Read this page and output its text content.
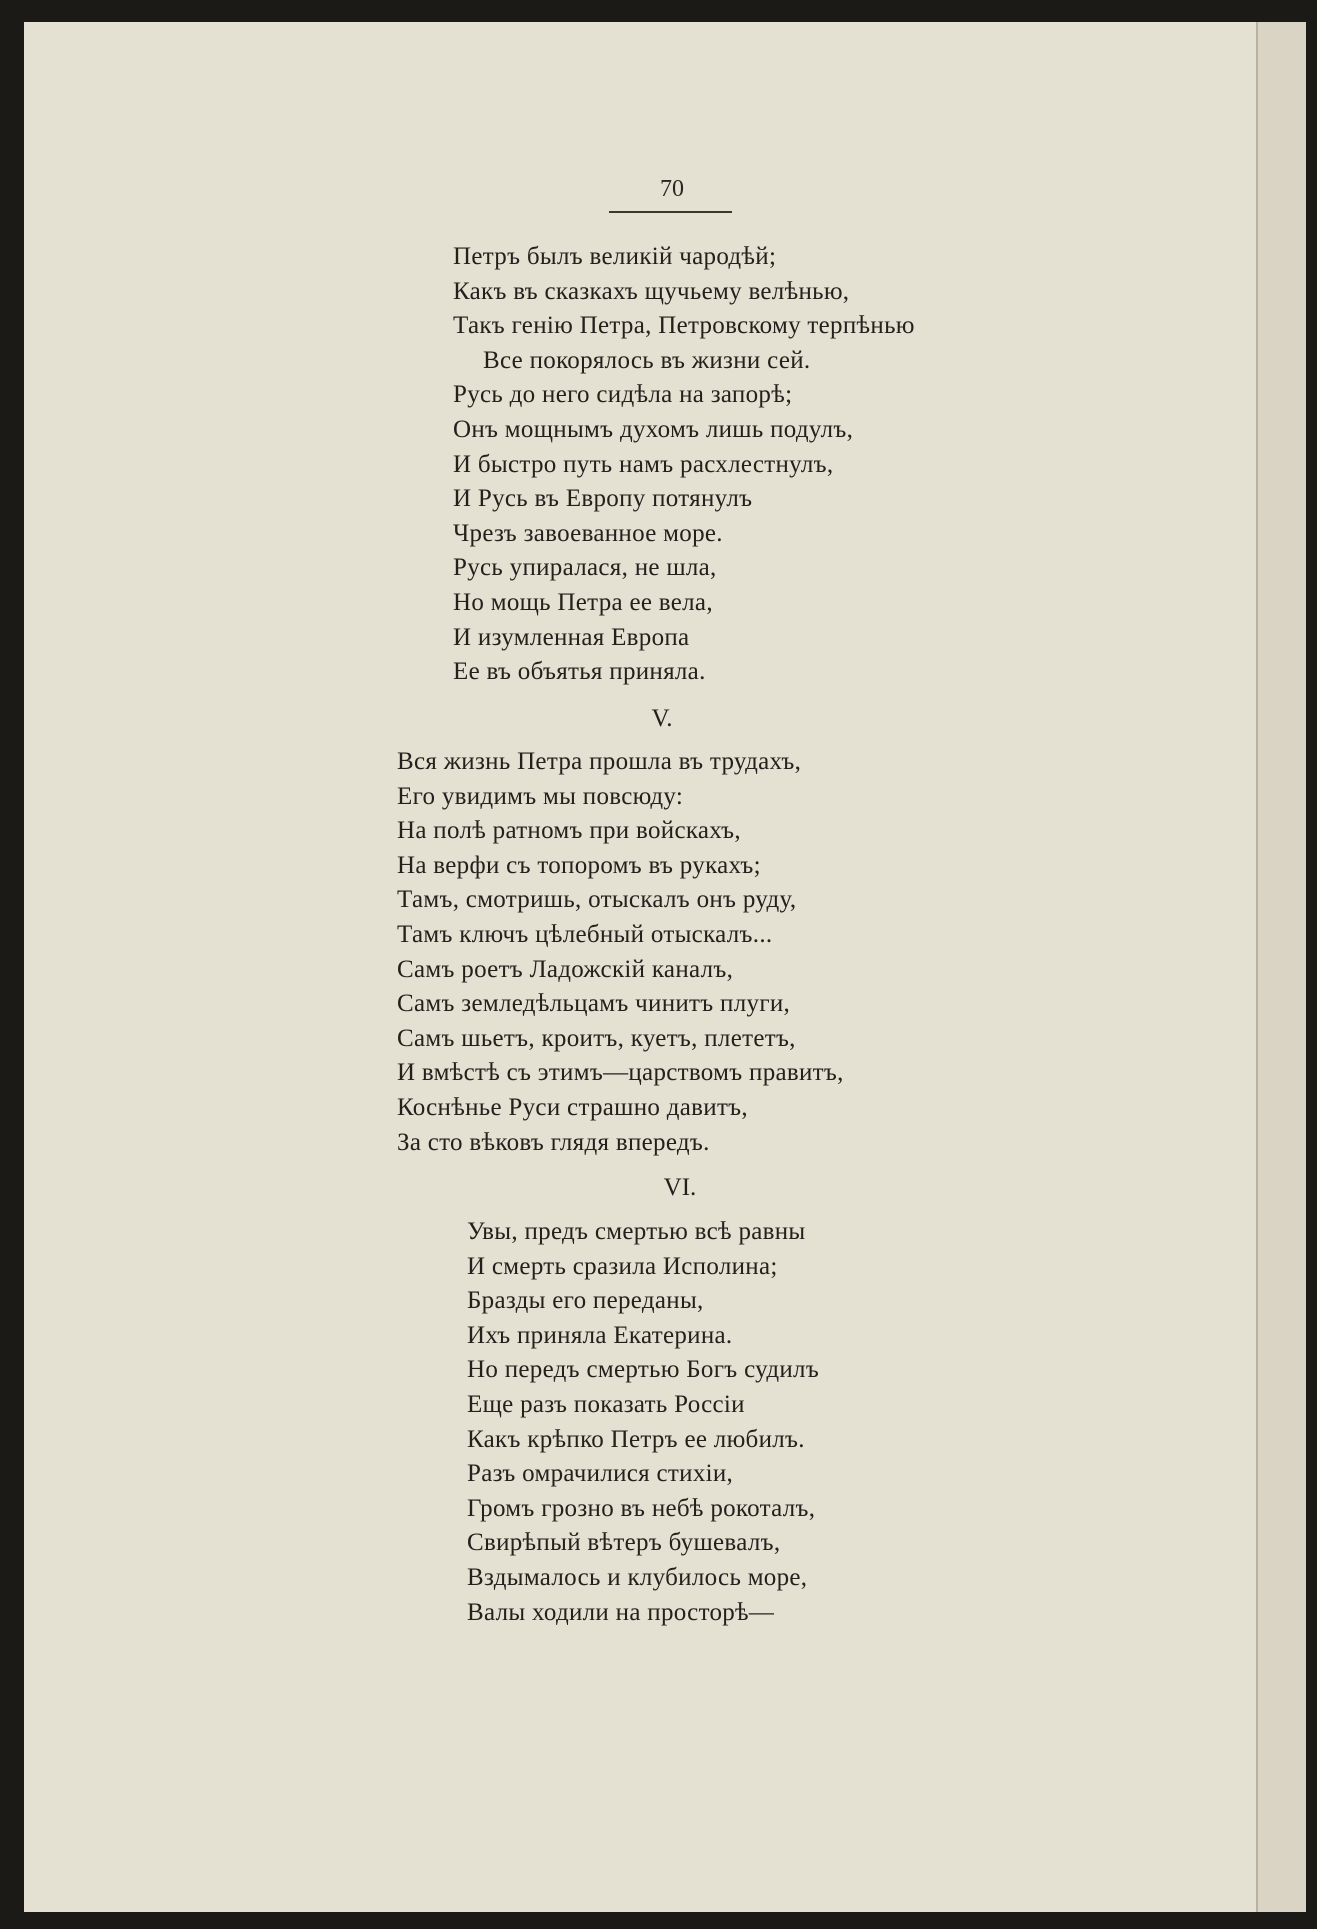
70
Петръ былъ великій чародѣй;
Какъ въ сказкахъ щучьему велѣнью,
Такъ генію Петра, Петровскому терпѣнью
Все покорялось въ жизни сей.
Русь до него сидѣла на запорѣ;
Онъ мощнымъ духомъ лишь подулъ,
И быстро путь намъ расхлестнулъ,
И Русь въ Европу потянулъ
Чрезъ завоеванное море.
Русь упиралася, не шла,
Но мощь Петра ее вела,
И изумленная Европа
Ее въ объятья приняла.
V.
Вся жизнь Петра прошла въ трудахъ,
Его увидимъ мы повсюду:
На полѣ ратномъ при войскахъ,
На верфи съ топоромъ въ рукахъ;
Тамъ, смотришь, отыскалъ онъ руду,
Тамъ ключъ цѣлебный отыскалъ...
Самъ роетъ Ладожскій каналъ,
Самъ земледѣльцамъ чинитъ плуги,
Самъ шьетъ, кроитъ, куетъ, плететъ,
И вмѣстѣ съ этимъ—царствомъ правитъ,
Коснѣнье Руси страшно давитъ,
За сто вѣковъ глядя впередъ.
VI.
Увы, предъ смертью всѣ равны
И смерть сразила Исполина;
Бразды его переданы,
Ихъ приняла Екатерина.
Но передъ смертью Богъ судилъ
Еще разъ показать Россіи
Какъ крѣпко Петръ ее любилъ.
Разъ омрачилися стихіи,
Громъ грозно въ небѣ рокоталъ,
Свирѣпый вѣтеръ бушевалъ,
Вздымалось и клубилось море,
Валы ходили на просторѣ—
